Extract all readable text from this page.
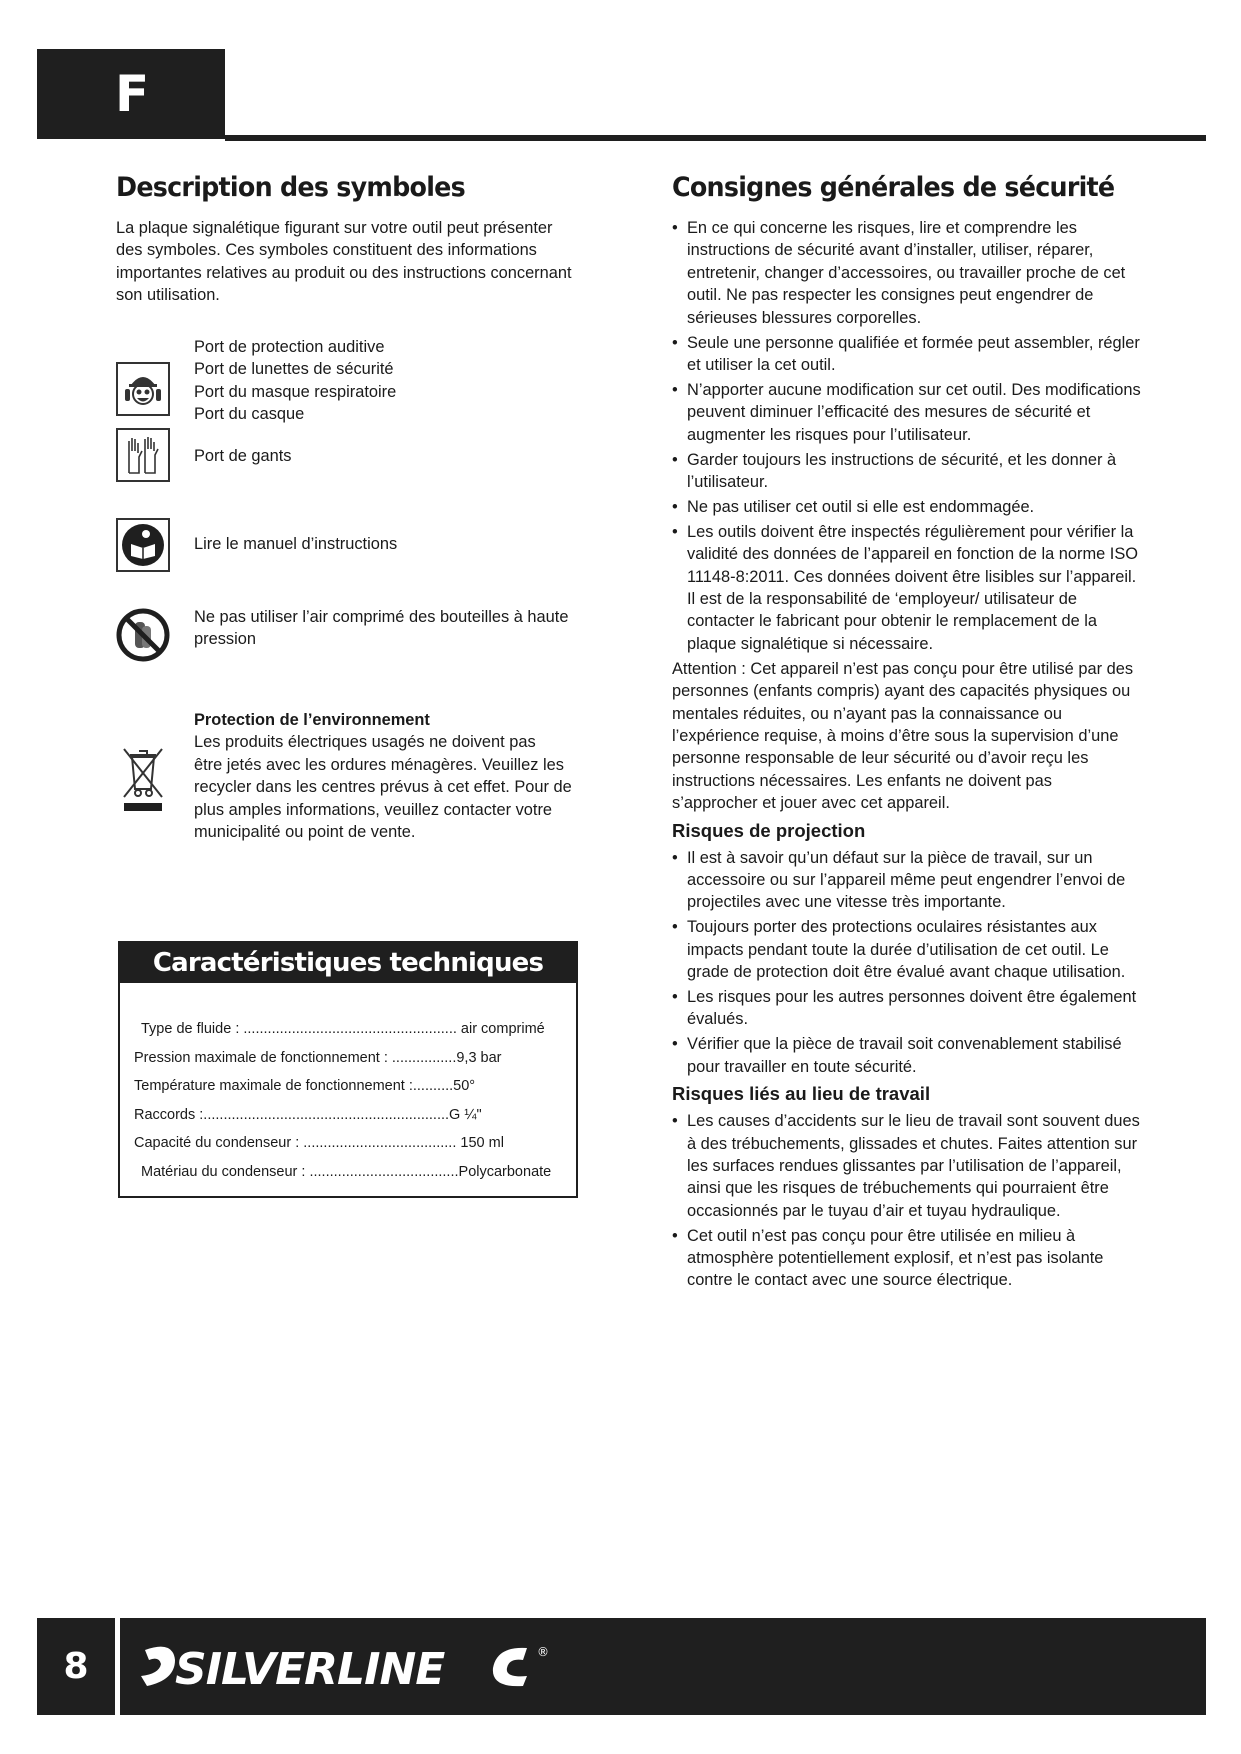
F
Description des symboles

La plaque signalétique figurant sur votre outil peut présenter des symboles. Ces symboles constituent des informations importantes relatives au produit ou des instructions concernant son utilisation.

Port de protection auditive
Port de lunettes de sécurité
Port du masque respiratoire
Port du casque
Port de gants
Lire le manuel d’instructions
Ne pas utiliser l’air comprimé des bouteilles à haute
pression
Protection de l’environnement
Les produits électriques usagés ne doivent pas
être jetés avec les ordures ménagères. Veuillez les
recycler dans les centres prévus à cet effet. Pour de
plus amples informations, veuillez contacter votre
municipalité ou point de vente.
Caractéristiques techniques
Type de fluide : ..................................................... air comprimé
Pression maximale de fonctionnement : ................9,3 bar
Température maximale de fonctionnement :..........50°
Raccords :.............................................................G ¼"
Capacité du condenseur : ...................................... 150 ml
Matériau du condenseur : .....................................Polycarbonate
Consignes générales de sécurité
• En ce qui concerne les risques, lire et comprendre les instructions de sécurité avant d’installer, utiliser, réparer, entretenir, changer d’accessoires, ou travailler proche de cet outil. Ne pas respecter les consignes peut engendrer de sérieuses blessures corporelles.
• Seule une personne qualifiée et formée peut assembler, régler et utiliser la cet outil.
• N’apporter aucune modification sur cet outil. Des modifications peuvent diminuer l’efficacité des mesures de sécurité et augmenter les risques pour l’utilisateur.
• Garder toujours les instructions de sécurité, et les donner à l’utilisateur.
• Ne pas utiliser cet outil si elle est endommagée.
• Les outils doivent être inspectés régulièrement pour vérifier la validité des données de l’appareil en fonction de la norme ISO 11148-8:2011. Ces données doivent être lisibles sur l’appareil. Il est de la responsabilité de ‘employeur/ utilisateur de contacter le fabricant pour obtenir le remplacement de la plaque signalétique si nécessaire.

Attention : Cet appareil n’est pas conçu pour être utilisé par des personnes (enfants compris) ayant des capacités physiques ou mentales réduites, ou n’ayant pas la connaissance ou l’expérience requise, à moins d’être sous la supervision d’une personne responsable de leur sécurité ou d’avoir reçu les instructions nécessaires. Les enfants ne doivent pas s’approcher et jouer avec cet appareil.

Risques de projection
• Il est à savoir qu’un défaut sur la pièce de travail, sur un accessoire ou sur l’appareil même peut engendrer l’envoi de projectiles avec une vitesse très importante.
• Toujours porter des protections oculaires résistantes aux impacts pendant toute la durée d’utilisation de cet outil. Le grade de protection doit être évalué avant chaque utilisation.
• Les risques pour les autres personnes doivent être également évalués.
• Vérifier que la pièce de travail soit convenablement stabilisé pour travailler en toute sécurité.
Risques liés au lieu de travail
• Les causes d’accidents sur le lieu de travail sont souvent dues à des trébuchements, glissades et chutes. Faites attention sur les surfaces rendues glissantes par l’utilisation de l’appareil, ainsi que les risques de trébuchements qui pourraient être occasionnés par le tuyau d’air et tuyau hydraulique.
• Cet outil n’est pas conçu pour être utilisée en milieu à atmosphère potentiellement explosif, et n’est pas isolante contre le contact avec une source électrique.
8	SILVERLINE	®
